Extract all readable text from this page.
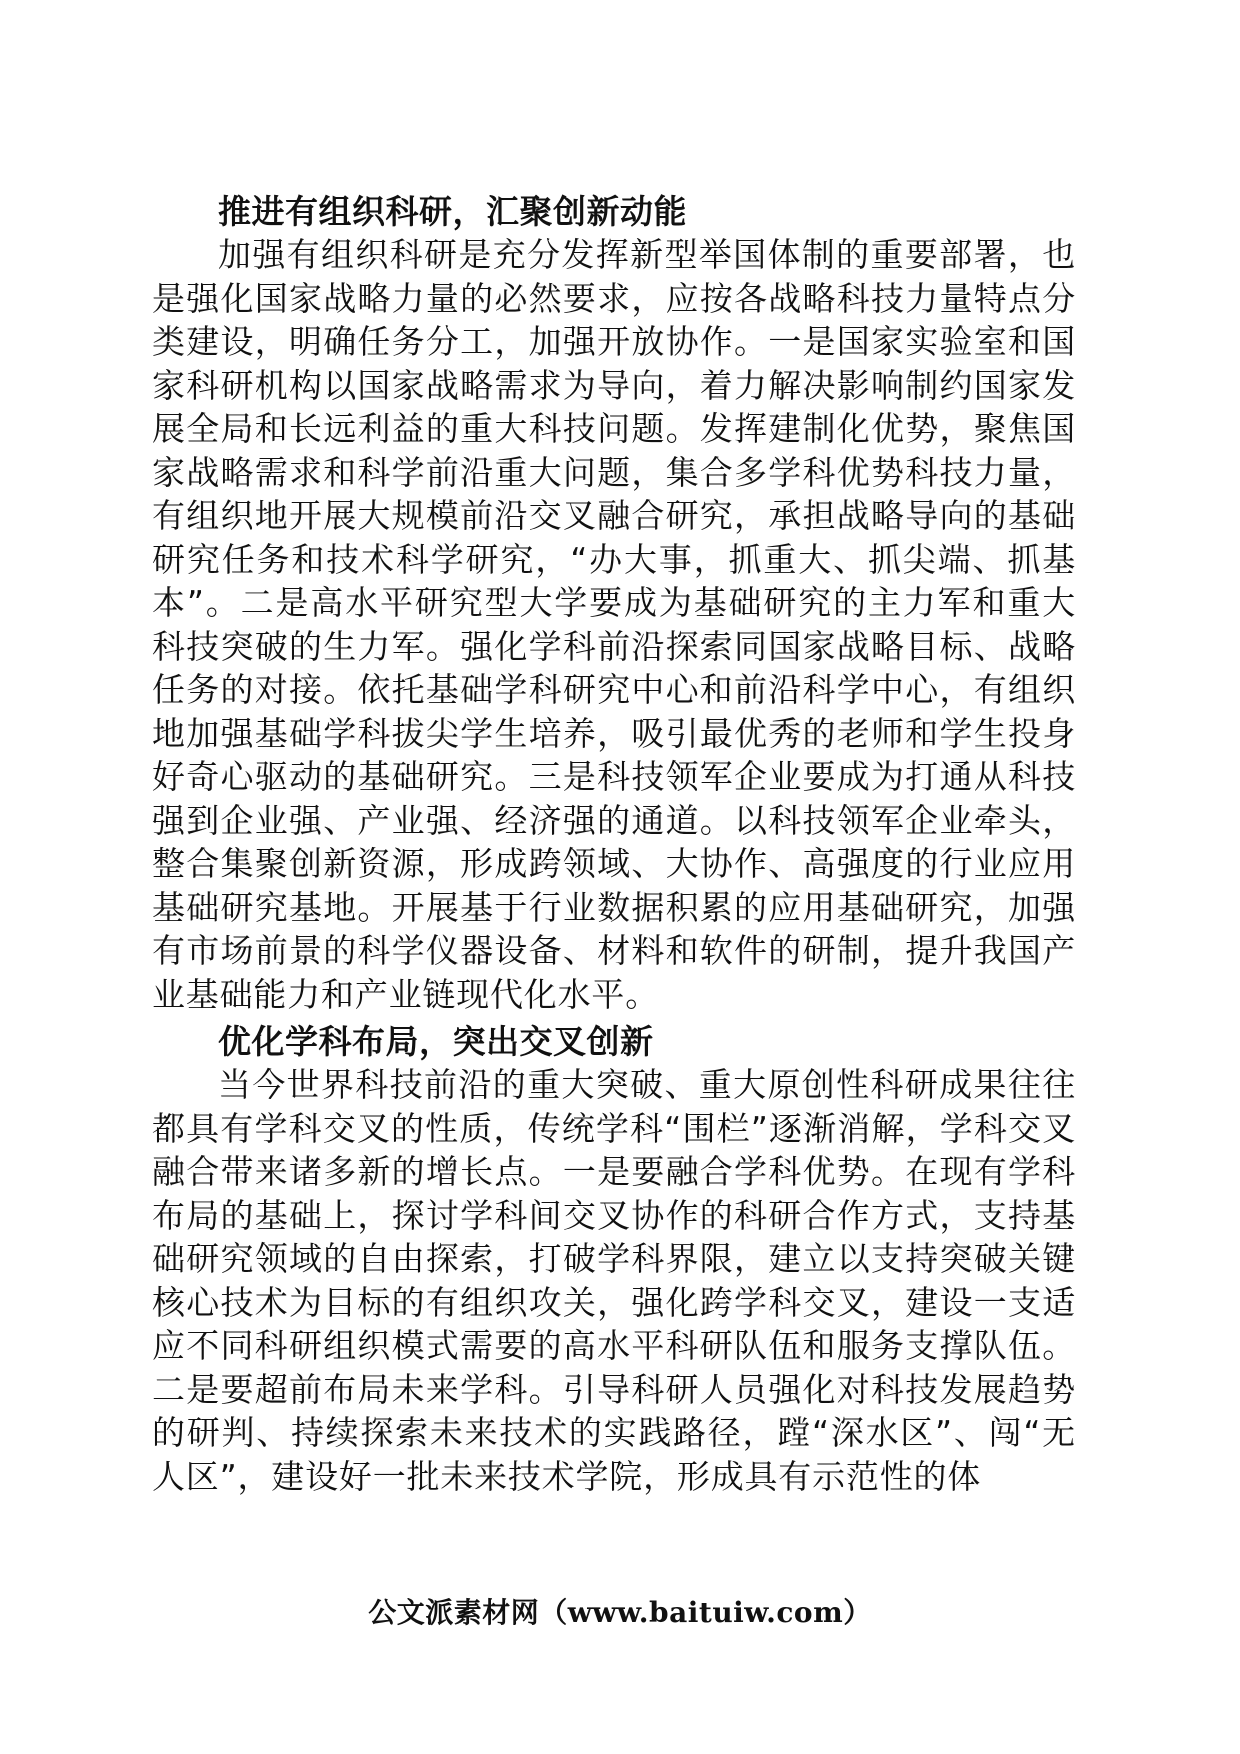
推进有组织科研，汇聚创新动能

加强有组织科研是充分发挥新型举国体制的重要部署，也是强化国家战略力量的必然要求，应按各战略科技力量特点分类建设，明确任务分工，加强开放协作。一是国家实验室和国家科研机构以国家战略需求为导向，着力解决影响制约国家发展全局和长远利益的重大科技问题。发挥建制化优势，聚焦国家战略需求和科学前沿重大问题，集合多学科优势科技力量，有组织地开展大规模前沿交叉融合研究，承担战略导向的基础研究任务和技术科学研究，“办大事，抓重大、抓尖端、抓基本”。二是高水平研究型大学要成为基础研究的主力军和重大科技突破的生力军。强化学科前沿探索同国家战略目标、战略任务的对接。依托基础学科研究中心和前沿科学中心，有组织地加强基础学科拔尖学生培养，吸引最优秀的老师和学生投身好奇心驱动的基础研究。三是科技领军企业要成为打通从科技强到企业强、产业强、经济强的通道。以科技领军企业牵头，整合集聚创新资源，形成跨领域、大协作、高强度的行业应用基础研究基地。开展基于行业数据积累的应用基础研究，加强有市场前景的科学仪器设备、材料和软件的研制，提升我国产业基础能力和产业链现代化水平。

优化学科布局，突出交叉创新

当今世界科技前沿的重大突破、重大原创性科研成果往往都具有学科交叉的性质，传统学科“围栏”逐渐消解，学科交叉融合带来诸多新的增长点。一是要融合学科优势。在现有学科布局的基础上，探讨学科间交叉协作的科研合作方式，支持基础研究领域的自由探索，打破学科界限，建立以支持突破关键核心技术为目标的有组织攻关，强化跨学科交叉，建设一支适应不同科研组织模式需要的高水平科研队伍和服务支撑队伍。二是要超前布局未来学科。引导科研人员强化对科技发展趋势的研判、持续探索未来技术的实践路径，蹚“深水区”、闯“无人区”，建设好一批未来技术学院，形成具有示范性的体

公文派素材网（www.baituiw.com）
